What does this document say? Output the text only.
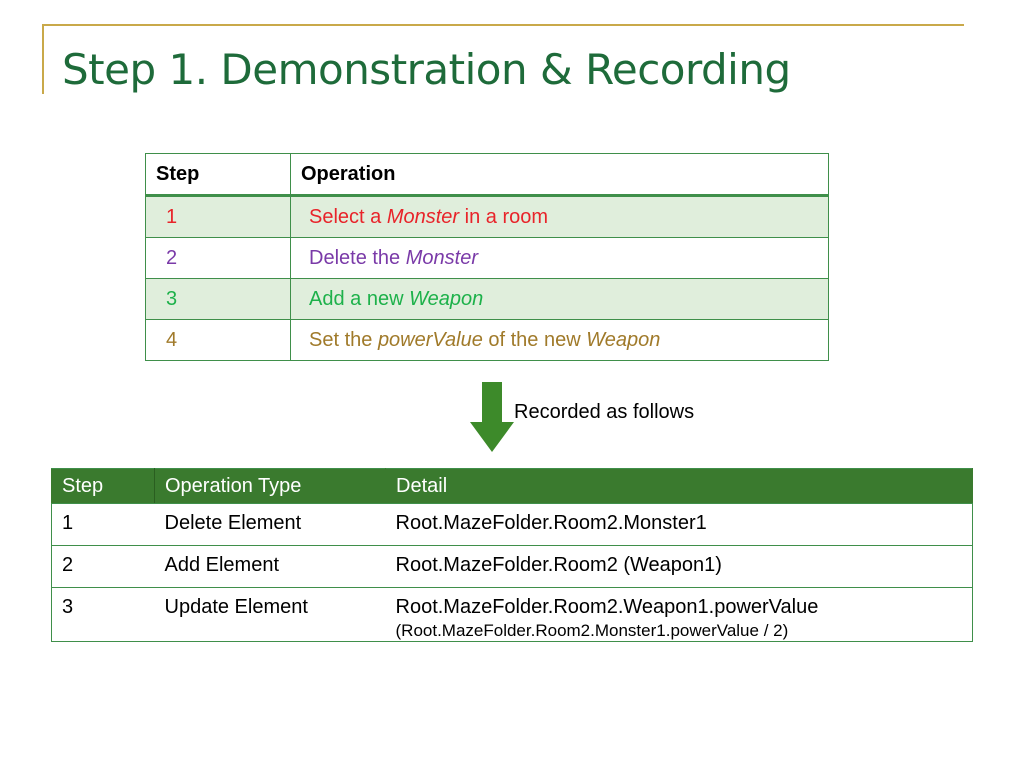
Step 1. Demonstration & Recording
Step	Operation
1	Select a Monster in a room
2	Delete the Monster
3	Add a new Weapon
4	Set the powerValue of the new Weapon
Recorded as follows
Step	Operation Type	Detail
1	Delete Element	Root.MazeFolder.Room2.Monster1
2	Add Element	Root.MazeFolder.Room2 (Weapon1)
3	Update Element	Root.MazeFolder.Room2.Weapon1.powerValue
(Root.MazeFolder.Room2.Monster1.powerValue / 2)
